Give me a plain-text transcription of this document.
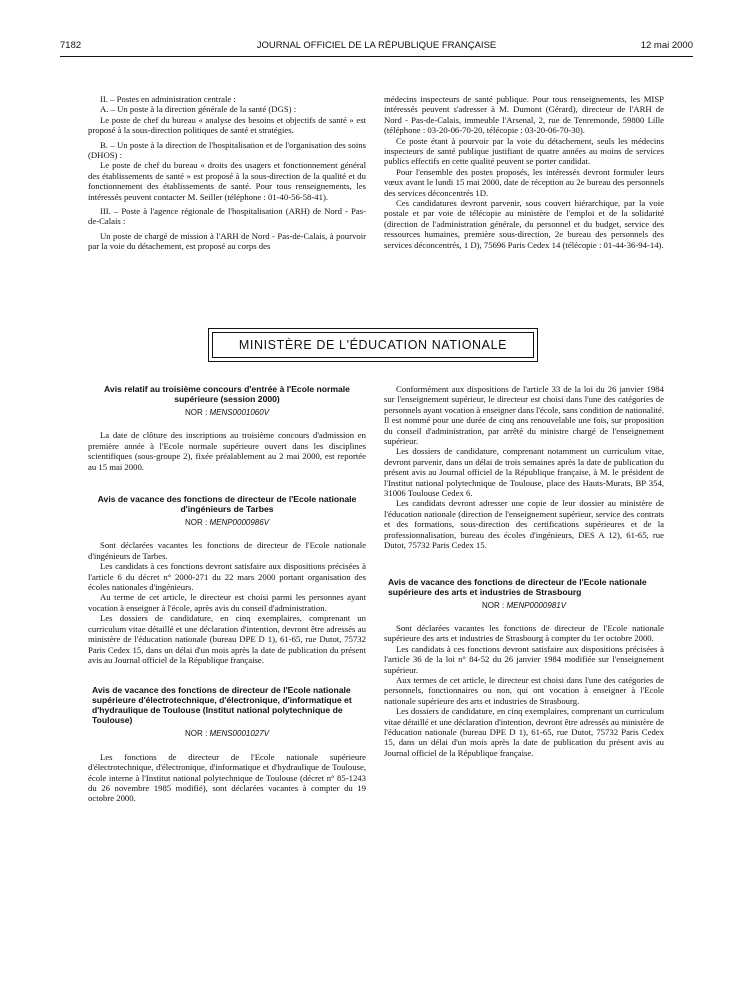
7182	JOURNAL OFFICIEL DE LA RÉPUBLIQUE FRANÇAISE	12 mai 2000

II. – Postes en administration centrale :

A. – Un poste à la direction générale de la santé (DGS) :

Le poste de chef du bureau « analyse des besoins et objectifs de santé » est proposé à la sous-direction politiques de santé et stratégies.

B. – Un poste à la direction de l'hospitalisation et de l'organisation des soins (DHOS) :

Le poste de chef du bureau « droits des usagers et fonctionnement général des établissements de santé » est proposé à la sous-direction de la qualité et du fonctionnement des établissements de santé. Pour tous renseignements, les intéressés peuvent contacter M. Seiller (téléphone : 01-40-56-58-41).

III. – Poste à l'agence régionale de l'hospitalisation (ARH) de Nord - Pas-de-Calais :

Un poste de chargé de mission à l'ARH de Nord - Pas-de-Calais, à pourvoir par la voie du détachement, est proposé au corps des

médecins inspecteurs de santé publique. Pour tous renseignements, les MISP intéressés peuvent s'adresser à M. Dumont (Gérard), directeur de l'ARH de Nord - Pas-de-Calais, immeuble l'Arsenal, 2, rue de Tenremonde, 59800 Lille (téléphone : 03-20-06-70-20, télécopie : 03-20-06-70-30).

Ce poste étant à pourvoir par la voie du détachement, seuls les médecins inspecteurs de santé publique justifiant de quatre années au moins de services publics effectifs en cette qualité peuvent se porter candidat.

Pour l'ensemble des postes proposés, les intéressés devront formuler leurs vœux avant le lundi 15 mai 2000, date de réception au 2e bureau des personnels des services déconcentrés 1D.

Ces candidatures devront parvenir, sous couvert hiérarchique, par la voie postale et par voie de télécopie au ministère de l'emploi et de la solidarité (direction de l'administration générale, du personnel et du budget, service des ressources humaines, première sous-direction, 2e bureau des personnels des services déconcentrés, 1 D), 75696 Paris Cedex 14 (télécopie : 01-44-36-94-14).

MINISTÈRE DE L'ÉDUCATION NATIONALE
Avis relatif au troisième concours d'entrée à l'Ecole normale supérieure (session 2000)
NOR : MENS0001060V

La date de clôture des inscriptions au troisième concours d'admission en première année à l'Ecole normale supérieure ouvert dans les disciplines scientifiques (sous-groupe 2), fixée préalablement au 2 mai 2000, est reportée au 15 mai 2000.

Avis de vacance des fonctions de directeur de l'Ecole nationale d'ingénieurs de Tarbes
NOR : MENP0000986V

Sont déclarées vacantes les fonctions de directeur de l'Ecole nationale d'ingénieurs de Tarbes.

Les candidats à ces fonctions devront satisfaire aux dispositions précisées à l'article 6 du décret n° 2000-271 du 22 mars 2000 portant organisation des écoles nationales d'ingénieurs.

Au terme de cet article, le directeur est choisi parmi les personnes ayant vocation à enseigner à l'école, après avis du conseil d'administration.

Les dossiers de candidature, en cinq exemplaires, comprenant un curriculum vitae détaillé et une déclaration d'intention, devront être adressés au ministère de l'éducation nationale (bureau DPE D 1), 61-65, rue Dutot, 75732 Paris Cedex 15, dans un délai d'un mois après la date de publication du présent avis au Journal officiel de la République française.

Avis de vacance des fonctions de directeur de l'Ecole nationale supérieure d'électrotechnique, d'électronique, d'informatique et d'hydraulique de Toulouse (Institut national polytechnique de Toulouse)
NOR : MENS0001027V

Les fonctions de directeur de l'Ecole nationale supérieure d'électrotechnique, d'électronique, d'informatique et d'hydraulique de Toulouse, école interne à l'Institut national polytechnique de Toulouse (décret n° 85-1243 du 26 novembre 1985 modifié), sont déclarées vacantes à compter du 19 octobre 2000.

Conformément aux dispositions de l'article 33 de la loi du 26 janvier 1984 sur l'enseignement supérieur, le directeur est choisi dans l'une des catégories de personnels ayant vocation à enseigner dans l'école, sans condition de nationalité. Il est nommé pour une durée de cinq ans renouvelable une fois, sur proposition du conseil d'administration, par arrêté du ministre chargé de l'enseignement supérieur.

Les dossiers de candidature, comprenant notamment un curriculum vitae, devront parvenir, dans un délai de trois semaines après la date de publication du présent avis au Journal officiel de la République française, à M. le président de l'Institut national polytechnique de Toulouse, place des Hauts-Murats, BP 354, 31006 Toulouse Cedex 6.

Les candidats devront adresser une copie de leur dossier au ministère de l'éducation nationale (direction de l'enseignement supérieur, service des contrats et des formations, sous-direction des certifications supérieures et de la professionnalisation, bureau des écoles d'ingénieurs, DES A 12), 61-65, rue Dutot, 75732 Paris Cedex 15.

Avis de vacance des fonctions de directeur de l'Ecole nationale supérieure des arts et industries de Strasbourg
NOR : MENP0000981V

Sont déclarées vacantes les fonctions de directeur de l'Ecole nationale supérieure des arts et industries de Strasbourg à compter du 1er octobre 2000.

Les candidats à ces fonctions devront satisfaire aux dispositions précisées à l'article 36 de la loi n° 84-52 du 26 janvier 1984 modifiée sur l'enseignement supérieur.

Aux termes de cet article, le directeur est choisi dans l'une des catégories de personnels, fonctionnaires ou non, qui ont vocation à enseigner à l'Ecole nationale supérieure des arts et industries de Strasbourg.

Les dossiers de candidature, en cinq exemplaires, comprenant un curriculum vitae détaillé et une déclaration d'intention, devront être adressés au ministère de l'éducation nationale (bureau DPE D 1), 61-65, rue Dutot, 75732 Paris Cedex 15, dans un délai d'un mois après la date de publication du présent avis au Journal officiel de la République française.
